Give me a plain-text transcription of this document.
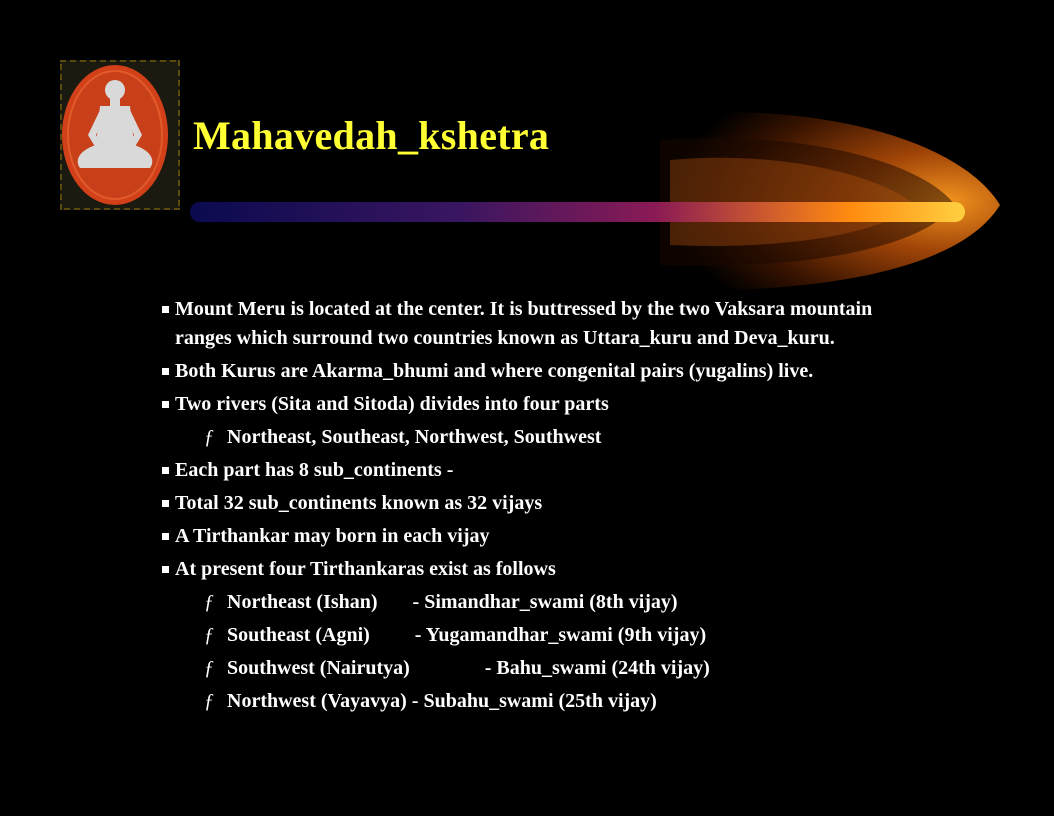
Mahavedah_kshetra
Mount Meru is located at the center. It is buttressed by the two Vaksara mountain ranges which surround two countries known as Uttara_kuru and Deva_kuru.
Both Kurus are Akarma_bhumi and where congenital pairs (yugalins) live.
Two rivers (Sita and Sitoda) divides into four parts
ƒ Northeast, Southeast, Northwest, Southwest
Each part has 8 sub_continents -
Total 32 sub_continents known as 32 vijays
A Tirthankar may born in each vijay
At present four Tirthankaras exist as follows
ƒ Northeast (Ishan)       - Simandhar_swami (8th vijay)
ƒ Southeast (Agni)         - Yugamandhar_swami (9th vijay)
ƒ Southwest (Nairutya)               - Bahu_swami (24th vijay)
ƒ Northwest (Vayavya) - Subahu_swami (25th vijay)
